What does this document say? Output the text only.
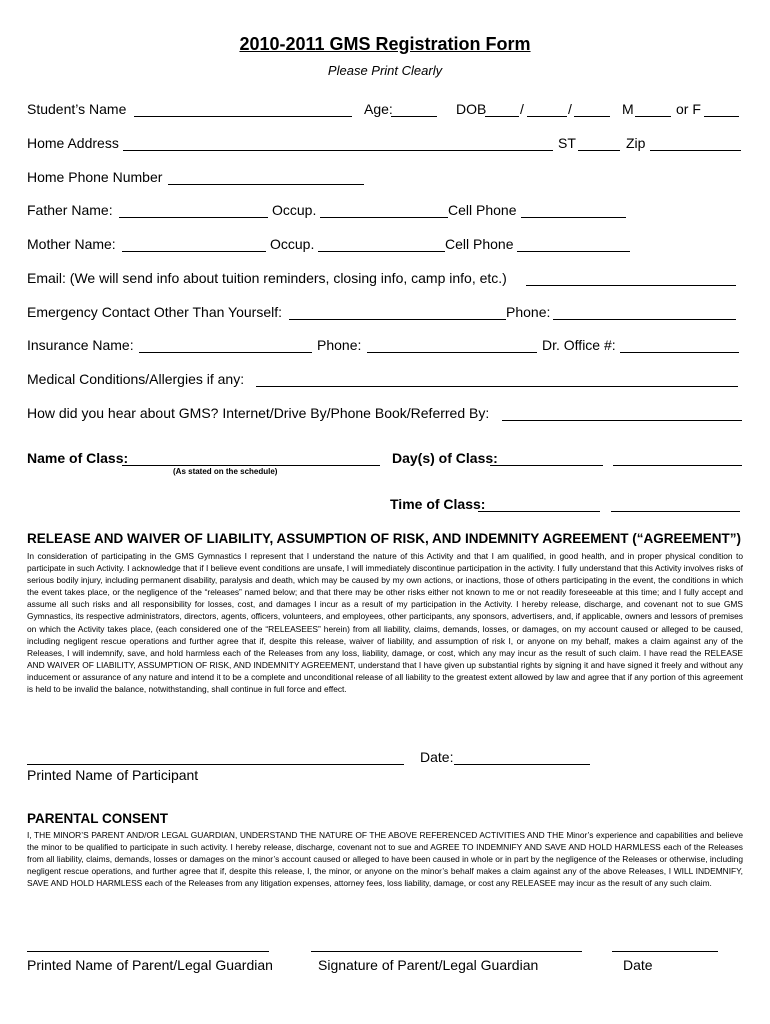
2010-2011 GMS Registration Form
Please Print Clearly
Student’s Name	Age:	DOB /	/	M	or F
Home Address	ST	Zip
Home Phone Number
Father Name:	Occup.	Cell Phone
Mother Name:	Occup.	Cell Phone
Email: (We will send info about tuition reminders, closing info, camp info, etc.)
Emergency Contact Other Than Yourself:	Phone:
Insurance Name:	Phone:	Dr. Office #:
Medical Conditions/Allergies if any:
How did you hear about GMS? Internet/Drive By/Phone Book/Referred By:
Name of Class:
(As stated on the schedule)
Day(s) of Class:
Time of Class:
RELEASE AND WAIVER OF LIABILITY, ASSUMPTION OF RISK, AND INDEMNITY AGREEMENT (“AGREEMENT”)
In consideration of participating in the GMS Gymnastics I represent that I understand the nature of this Activity and that I am qualified, in good health, and in proper physical condition to participate in such Activity. I acknowledge that if I believe event conditions are unsafe, I will immediately discontinue participation in the activity. I fully understand that this Activity involves risks of serious bodily injury, including permanent disability, paralysis and death, which may be caused by my own actions, or inactions, those of others participating in the event, the conditions in which the event takes place, or the negligence of the “releases” named below; and that there may be other risks either not known to me or not readily foreseeable at this time; and I fully accept and assume all such risks and all responsibility for losses, cost, and damages I incur as a result of my participation in the Activity. I hereby release, discharge, and covenant not to sue GMS Gymnastics, its respective administrators, directors, agents, officers, volunteers, and employees, other participants, any sponsors, advertisers, and, if applicable, owners and lessors of premises on which the Activity takes place, (each considered one of the “RELEASEES” herein) from all liability, claims, demands, losses, or damages, on my account caused or alleged to be caused, including negligent rescue operations and further agree that if, despite this release, waiver of liability, and assumption of risk I, or anyone on my behalf, makes a claim against any of the Releases, I will indemnify, save, and hold harmless each of the Releases from any loss, liability, damage, or cost, which any may incur as the result of such claim. I have read the RELEASE AND WAIVER OF LIABILITY, ASSUMPTION OF RISK, AND INDEMNITY AGREEMENT, understand that I have given up substantial rights by signing it and have signed it freely and without any inducement or assurance of any nature and intend it to be a complete and unconditional release of all liability to the greatest extent allowed by law and agree that if any portion of this agreement is held to be invalid the balance, notwithstanding, shall continue in full force and effect.
Date:
Printed Name of Participant
PARENTAL CONSENT
I, THE MINOR’S PARENT AND/OR LEGAL GUARDIAN, UNDERSTAND THE NATURE OF THE ABOVE REFERENCED ACTIVITIES AND THE Minor’s experience and capabilities and believe the minor to be qualified to participate in such activity. I hereby release, discharge, covenant not to sue and AGREE TO INDEMNIFY AND SAVE AND HOLD HARMLESS each of the Releases from all liability, claims, demands, losses or damages on the minor’s account caused or alleged to have been caused in whole or in part by the negligence of the Releases or otherwise, including negligent rescue operations, and further agree that if, despite this release, I, the minor, or anyone on the minor’s behalf makes a claim against any of the above Releases, I WILL INDEMNIFY, SAVE AND HOLD HARMLESS each of the Releases from any litigation expenses, attorney fees, loss liability, damage, or cost any RELEASEE may incur as the result of any such claim.
Printed Name of Parent/Legal Guardian	Signature of Parent/Legal Guardian	Date
